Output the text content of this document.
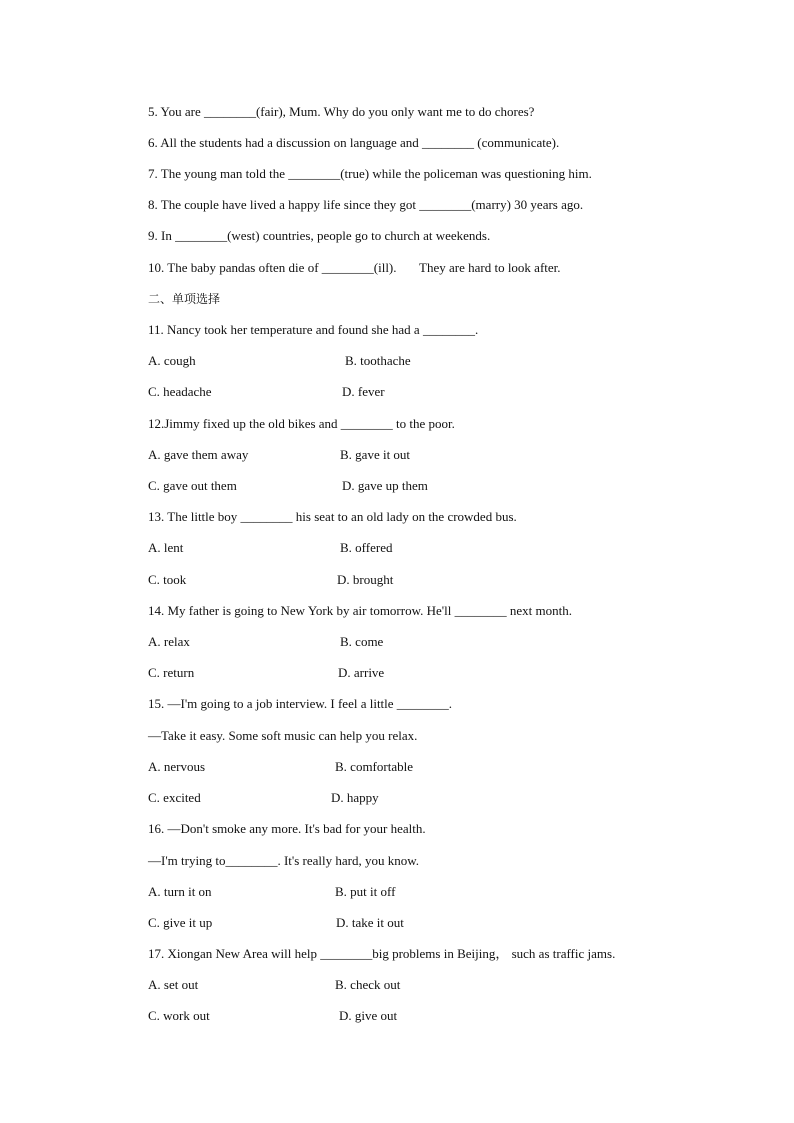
5. You are ________(fair), Mum. Why do you only want me to do chores?
6. All the students had a discussion on language and ________ (communicate).
7. The young man told the ________(true) while the policeman was questioning him.
8. The couple have lived a happy life since they got ________(marry) 30 years ago.
9. In ________(west) countries, people go to church at weekends.
10. The baby pandas often die of ________(ill).       They are hard to look after.
二、单项选择
11. Nancy took her temperature and found she had a ________.
A. cough	B. toothache
C. headache	D. fever
12.Jimmy fixed up the old bikes and ________ to the poor.
A. gave them away	B. gave it out
C. gave out them	D. gave up them
13. The little boy ________ his seat to an old lady on the crowded bus.
A. lent	B. offered
C. took	D. brought
14. My father is going to New York by air tomorrow. He'll ________ next month.
A. relax	B. come
C. return	D. arrive
15. —I'm going to a job interview. I feel a little ________.
—Take it easy. Some soft music can help you relax.
A. nervous	B. comfortable
C. excited	D. happy
16. —Don't smoke any more. It's bad for your health.
—I'm trying to________. It's really hard, you know.
A. turn it on	B. put it off
C. give it up	D. take it out
17. Xiongan New Area will help ________big problems in Beijing， such as traffic jams.
A. set out	B. check out
C. work out	D. give out
